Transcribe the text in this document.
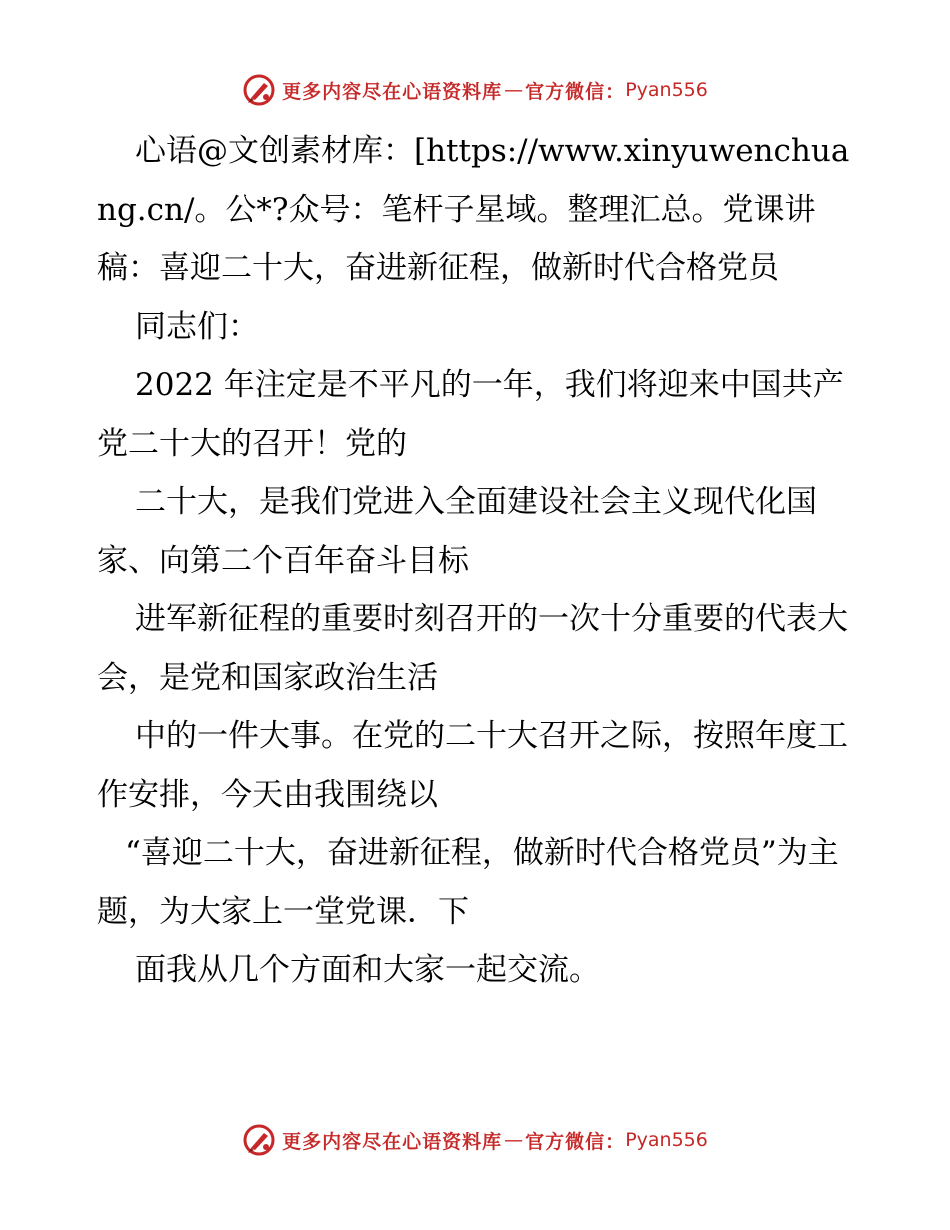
更多内容尽在心语资料库 — 官方微信： Pyan556

心语@文创素材库：[https://www.xinyuwenchuang.cn/。公*?众号：笔杆子星域。整理汇总。党课讲稿：喜迎二十大，奋进新征程，做新时代合格党员

同志们：

2022 年注定是不平凡的一年，我们将迎来中国共产党二十大的召开！党的

二十大，是我们党进入全面建设社会主义现代化国家、向第二个百年奋斗目标

进军新征程的重要时刻召开的一次十分重要的代表大会，是党和国家政治生活

中的一件大事。在党的二十大召开之际，按照年度工作安排，今天由我围绕以

“喜迎二十大，奋进新征程，做新时代合格党员”为主题，为大家上一堂党课．下

面我从几个方面和大家一起交流。

更多内容尽在心语资料库 — 官方微信： Pyan556
